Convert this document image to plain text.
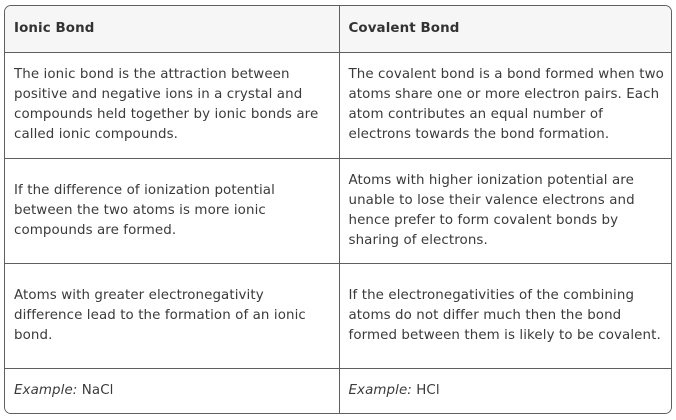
Ionic Bond	Covalent Bond
The ionic bond is the attraction between positive and negative ions in a crystal and compounds held together by ionic bonds are called ionic compounds.	The covalent bond is a bond formed when two atoms share one or more electron pairs. Each atom contributes an equal number of electrons towards the bond formation.
If the difference of ionization potential between the two atoms is more ionic compounds are formed.	Atoms with higher ionization potential are unable to lose their valence electrons and hence prefer to form covalent bonds by sharing of electrons.
Atoms with greater electronegativity difference lead to the formation of an ionic bond.	If the electronegativities of the combining atoms do not differ much then the bond formed between them is likely to be covalent.
Example: NaCl	Example: HCl
